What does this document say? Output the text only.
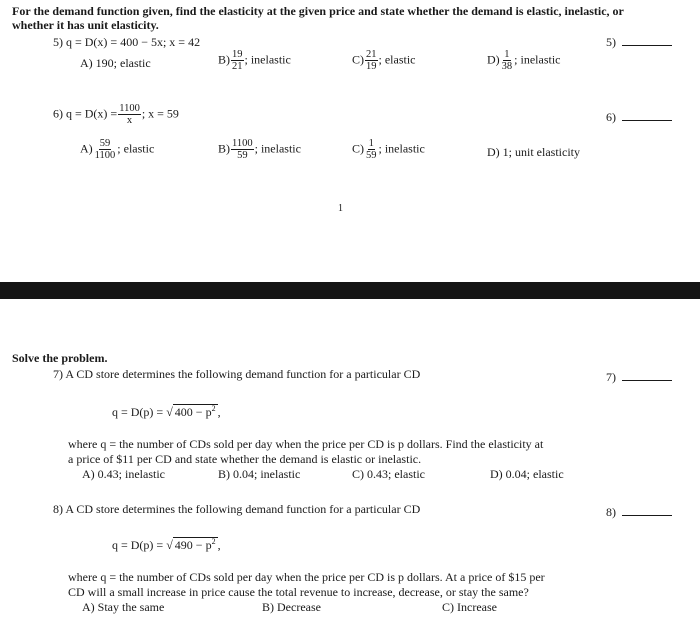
For the demand function given, find the elasticity at the given price and state whether the demand is elastic, inelastic, or
whether it has unit elasticity.
5) q = D(x) = 400 − 5x; x = 42	5)
A) 190; elastic	$B) \frac{19}{21}$ ; inelastic	$C) \frac{21}{19}$ ; elastic	$D) \frac{1}{38}$ ; inelastic
6) $q = D(x) = \frac{1100}{x}$ ; x = 59	6)
$A) \frac{59}{1100}$ ; elastic	$B) \frac{1100}{59}$ ; inelastic	$C) \frac{1}{59}$ ; inelastic	D) 1; unit elasticity
1
Solve the problem.
7) A CD store determines the following demand function for a particular CD	7)
q = D(p) = √ $400 - p^2$ ,
where q = the number of CDs sold per day when the price per CD is p dollars. Find the elasticity at
a price of $11 per CD and state whether the demand is elastic or inelastic.
A) 0.43; inelastic	B) 0.04; inelastic	C) 0.43; elastic	D) 0.04; elastic
8) A CD store determines the following demand function for a particular CD	8)
q = D(p) = √ $490 - p^2$ ,
where q = the number of CDs sold per day when the price per CD is p dollars. At a price of $15 per
CD will a small increase in price cause the total revenue to increase, decrease, or stay the same?
A) Stay the same	B) Decrease	C) Increase
